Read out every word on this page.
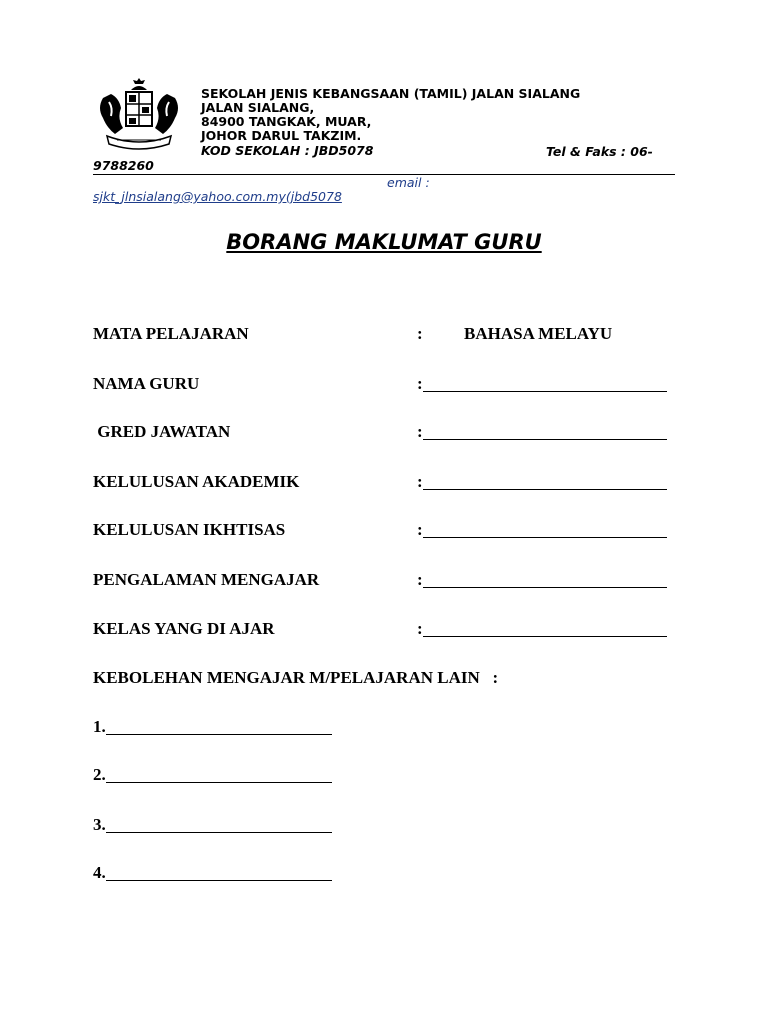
SEKOLAH JENIS KEBANGSAAN (TAMIL) JALAN SIALANG
JALAN SIALANG,
84900 TANGKAK, MUAR,
JOHOR DARUL TAKZIM.
KOD SEKOLAH : JBD5078	Tel & Faks : 06-
9788260
email :
sjkt_jlnsialang@yahoo.com.my(jbd5078
BORANG MAKLUMAT GURU
MATA PELAJARAN	: BAHASA MELAYU
NAMA GURU	:
GRED JAWATAN	:
KELULUSAN AKADEMIK	:
KELULUSAN IKHTISAS	:
PENGALAMAN MENGAJAR	:
KELAS YANG DI AJAR	:
KEBOLEHAN MENGAJAR M/PELAJARAN LAIN   :
1.
2.
3.
4.
